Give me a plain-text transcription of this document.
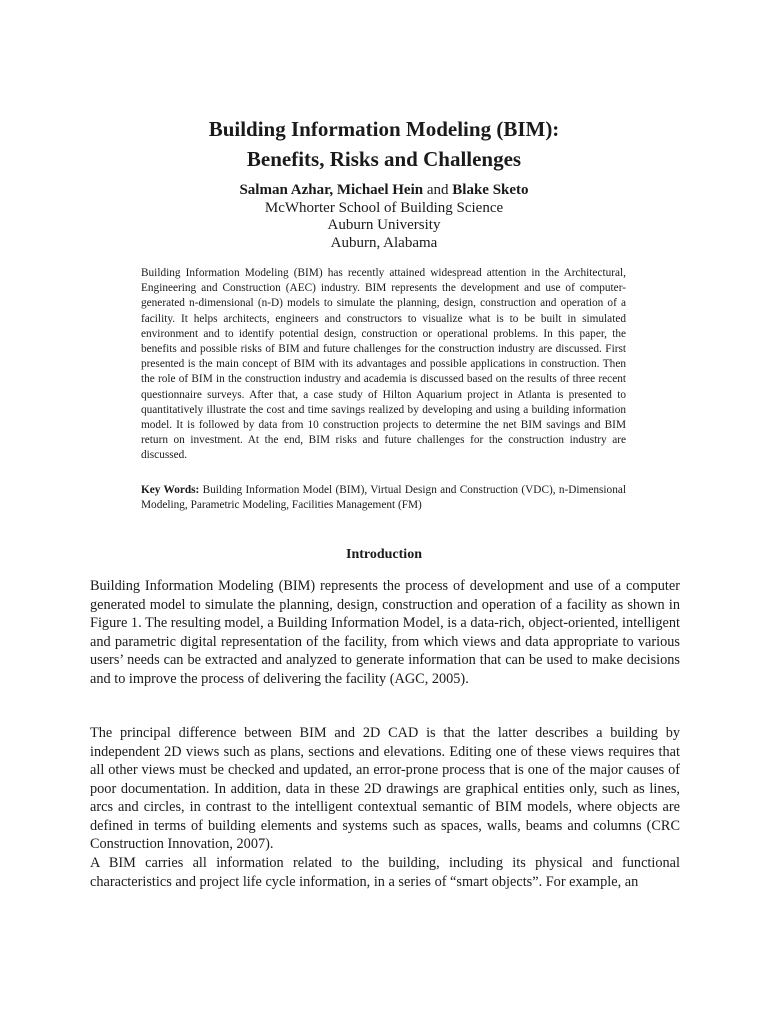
Building Information Modeling (BIM):
Benefits, Risks and Challenges
Salman Azhar, Michael Hein and Blake Sketo
McWhorter School of Building Science
Auburn University
Auburn, Alabama

Building Information Modeling (BIM) has recently attained widespread attention in the Architectural, Engineering and Construction (AEC) industry. BIM represents the development and use of computer-generated n-dimensional (n-D) models to simulate the planning, design, construction and operation of a facility. It helps architects, engineers and constructors to visualize what is to be built in simulated environment and to identify potential design, construction or operational problems. In this paper, the benefits and possible risks of BIM and future challenges for the construction industry are discussed. First presented is the main concept of BIM with its advantages and possible applications in construction. Then the role of BIM in the construction industry and academia is discussed based on the results of three recent questionnaire surveys. After that, a case study of Hilton Aquarium project in Atlanta is presented to quantitatively illustrate the cost and time savings realized by developing and using a building information model. It is followed by data from 10 construction projects to determine the net BIM savings and BIM return on investment. At the end, BIM risks and future challenges for the construction industry are discussed.

Key Words: Building Information Model (BIM), Virtual Design and Construction (VDC), n-Dimensional Modeling, Parametric Modeling, Facilities Management (FM)

Introduction

Building Information Modeling (BIM) represents the process of development and use of a computer generated model to simulate the planning, design, construction and operation of a facility as shown in Figure 1. The resulting model, a Building Information Model, is a data-rich, object-oriented, intelligent and parametric digital representation of the facility, from which views and data appropriate to various users’ needs can be extracted and analyzed to generate information that can be used to make decisions and to improve the process of delivering the facility (AGC, 2005).

The principal difference between BIM and 2D CAD is that the latter describes a building by independent 2D views such as plans, sections and elevations. Editing one of these views requires that all other views must be checked and updated, an error-prone process that is one of the major causes of poor documentation. In addition, data in these 2D drawings are graphical entities only, such as lines, arcs and circles, in contrast to the intelligent contextual semantic of BIM models, where objects are defined in terms of building elements and systems such as spaces, walls, beams and columns (CRC Construction Innovation, 2007).

A BIM carries all information related to the building, including its physical and functional characteristics and project life cycle information, in a series of “smart objects”. For example, an
